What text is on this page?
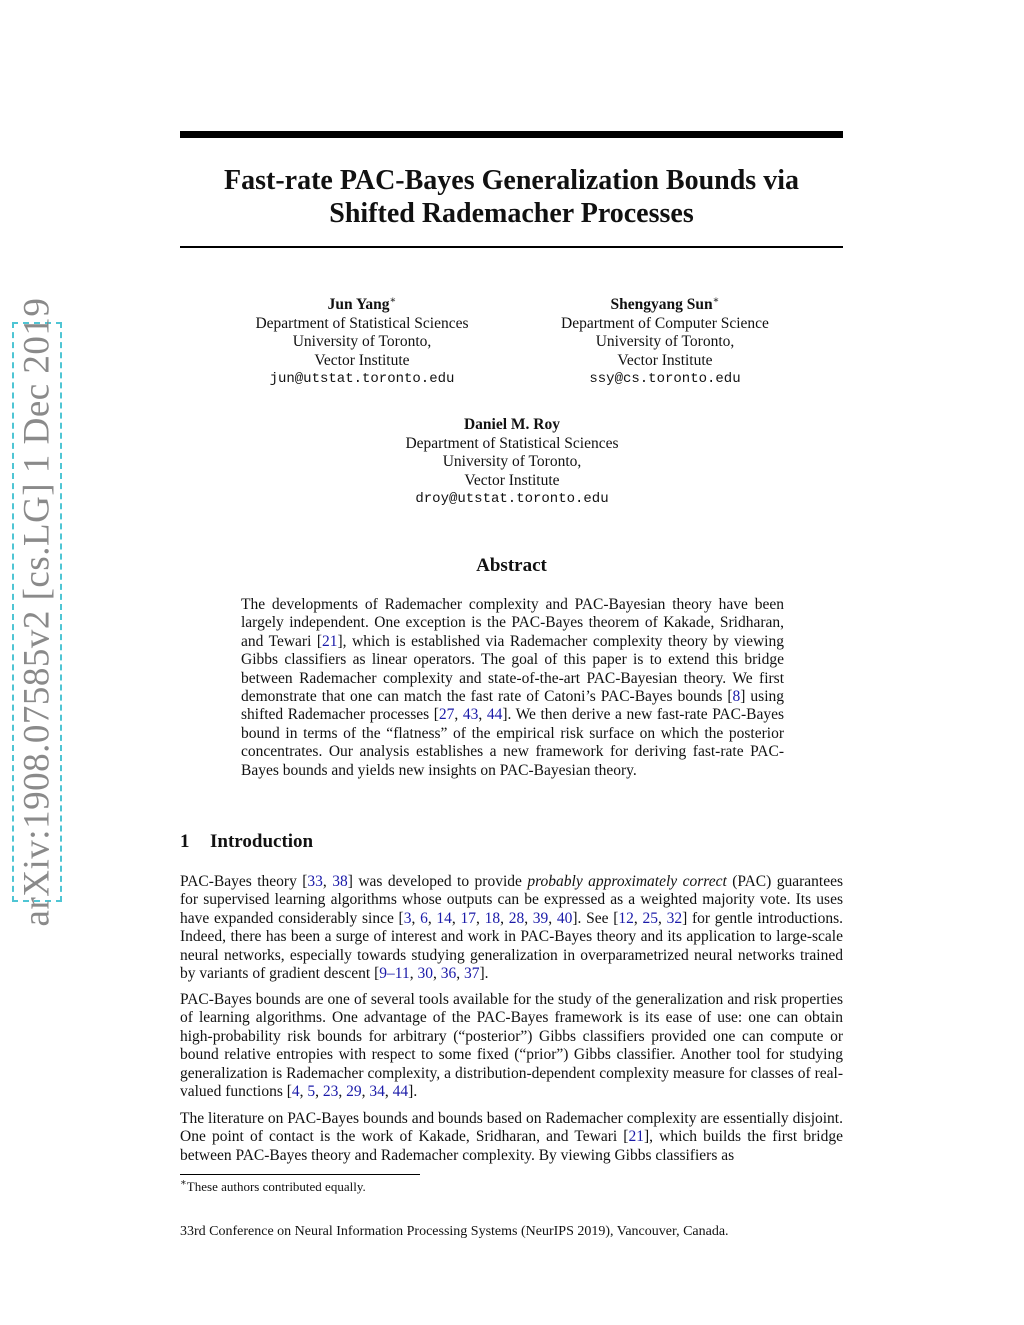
arXiv:1908.07585v2 [cs.LG] 1 Dec 2019
Fast-rate PAC-Bayes Generalization Bounds via
Shifted Rademacher Processes
Jun Yang∗
Department of Statistical Sciences
University of Toronto,
Vector Institute
jun@utstat.toronto.edu
Shengyang Sun∗
Department of Computer Science
University of Toronto,
Vector Institute
ssy@cs.toronto.edu
Daniel M. Roy
Department of Statistical Sciences
University of Toronto,
Vector Institute
droy@utstat.toronto.edu
Abstract

The developments of Rademacher complexity and PAC-Bayesian theory have been largely independent. One exception is the PAC-Bayes theorem of Kakade, Sridharan, and Tewari [21], which is established via Rademacher complexity theory by viewing Gibbs classifiers as linear operators. The goal of this paper is to extend this bridge between Rademacher complexity and state-of-the-art PAC-Bayesian theory. We first demonstrate that one can match the fast rate of Catoni’s PAC-Bayes bounds [8] using shifted Rademacher processes [27, 43, 44]. We then derive a new fast-rate PAC-Bayes bound in terms of the “flatness” of the empirical risk surface on which the posterior concentrates. Our analysis establishes a new framework for deriving fast-rate PAC-Bayes bounds and yields new insights on PAC-Bayesian theory.

1 Introduction

PAC-Bayes theory [33, 38] was developed to provide probably approximately correct (PAC) guarantees for supervised learning algorithms whose outputs can be expressed as a weighted majority vote. Its uses have expanded considerably since [3, 6, 14, 17, 18, 28, 39, 40]. See [12, 25, 32] for gentle introductions. Indeed, there has been a surge of interest and work in PAC-Bayes theory and its application to large-scale neural networks, especially towards studying generalization in overparametrized neural networks trained by variants of gradient descent [9–11, 30, 36, 37].

PAC-Bayes bounds are one of several tools available for the study of the generalization and risk properties of learning algorithms. One advantage of the PAC-Bayes framework is its ease of use: one can obtain high-probability risk bounds for arbitrary (“posterior”) Gibbs classifiers provided one can compute or bound relative entropies with respect to some fixed (“prior”) Gibbs classifier. Another tool for studying generalization is Rademacher complexity, a distribution-dependent complexity measure for classes of real-valued functions [4, 5, 23, 29, 34, 44].

The literature on PAC-Bayes bounds and bounds based on Rademacher complexity are essentially disjoint. One point of contact is the work of Kakade, Sridharan, and Tewari [21], which builds the first bridge between PAC-Bayes theory and Rademacher complexity. By viewing Gibbs classifiers as

∗These authors contributed equally.
33rd Conference on Neural Information Processing Systems (NeurIPS 2019), Vancouver, Canada.
